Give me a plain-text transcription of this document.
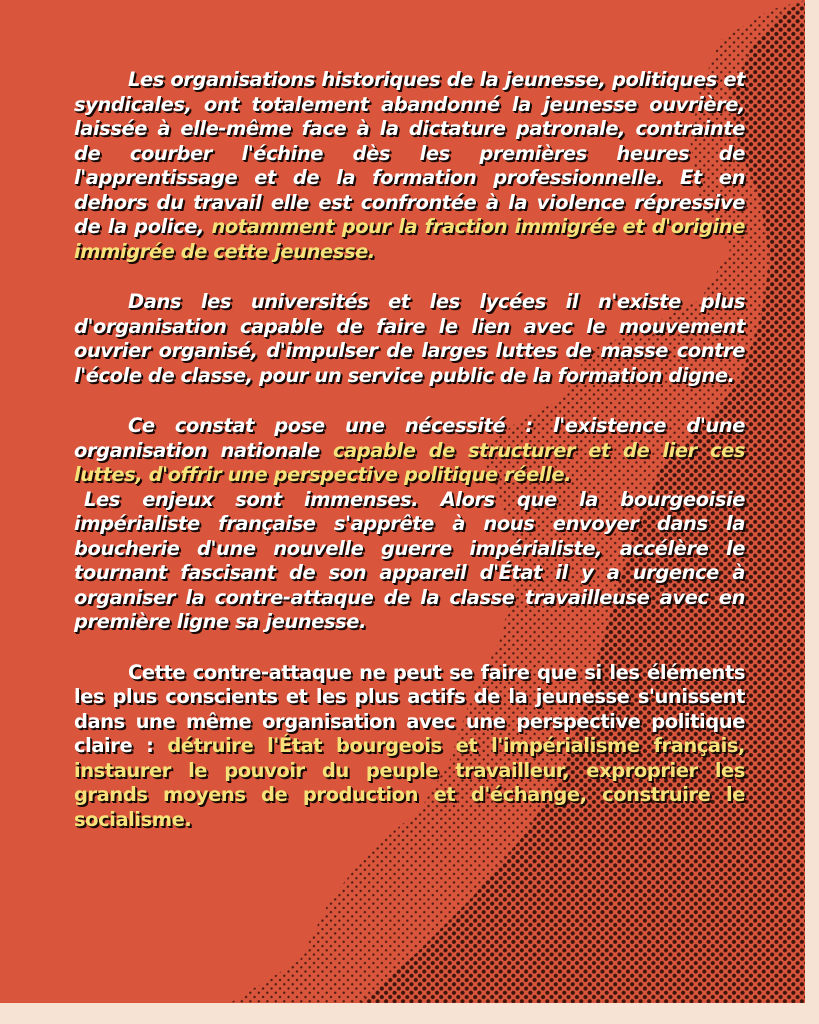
Les organisations historiques de la jeunesse, politiques et syndicales, ont totalement abandonné la jeunesse ouvrière, laissée à elle-même face à la dictature patronale, contrainte de courber l'échine dès les premières heures de l'apprentissage et de la formation professionnelle. Et en dehors du travail elle est confrontée à la violence répressive de la police, notamment pour la fraction immigrée et d'origine immigrée de cette jeunesse.

Dans les universités et les lycées il n'existe plus d'organisation capable de faire le lien avec le mouvement ouvrier organisé, d'impulser de larges luttes de masse contre l'école de classe, pour un service public de la formation digne.

Ce constat pose une nécessité : l'existence d'une organisation nationale capable de structurer et de lier ces luttes, d'offrir une perspective politique réelle.

Les enjeux sont immenses. Alors que la bourgeoisie impérialiste française s'apprête à nous envoyer dans la boucherie d'une nouvelle guerre impérialiste, accélère le tournant fascisant de son appareil d'État il y a urgence à organiser la contre-attaque de la classe travailleuse avec en première ligne sa jeunesse.

Cette contre-attaque ne peut se faire que si les éléments les plus conscients et les plus actifs de la jeunesse s'unissent dans une même organisation avec une perspective politique claire : détruire l'État bourgeois et l'impérialisme français, instaurer le pouvoir du peuple travailleur, exproprier les grands moyens de production et d'échange, construire le socialisme.
